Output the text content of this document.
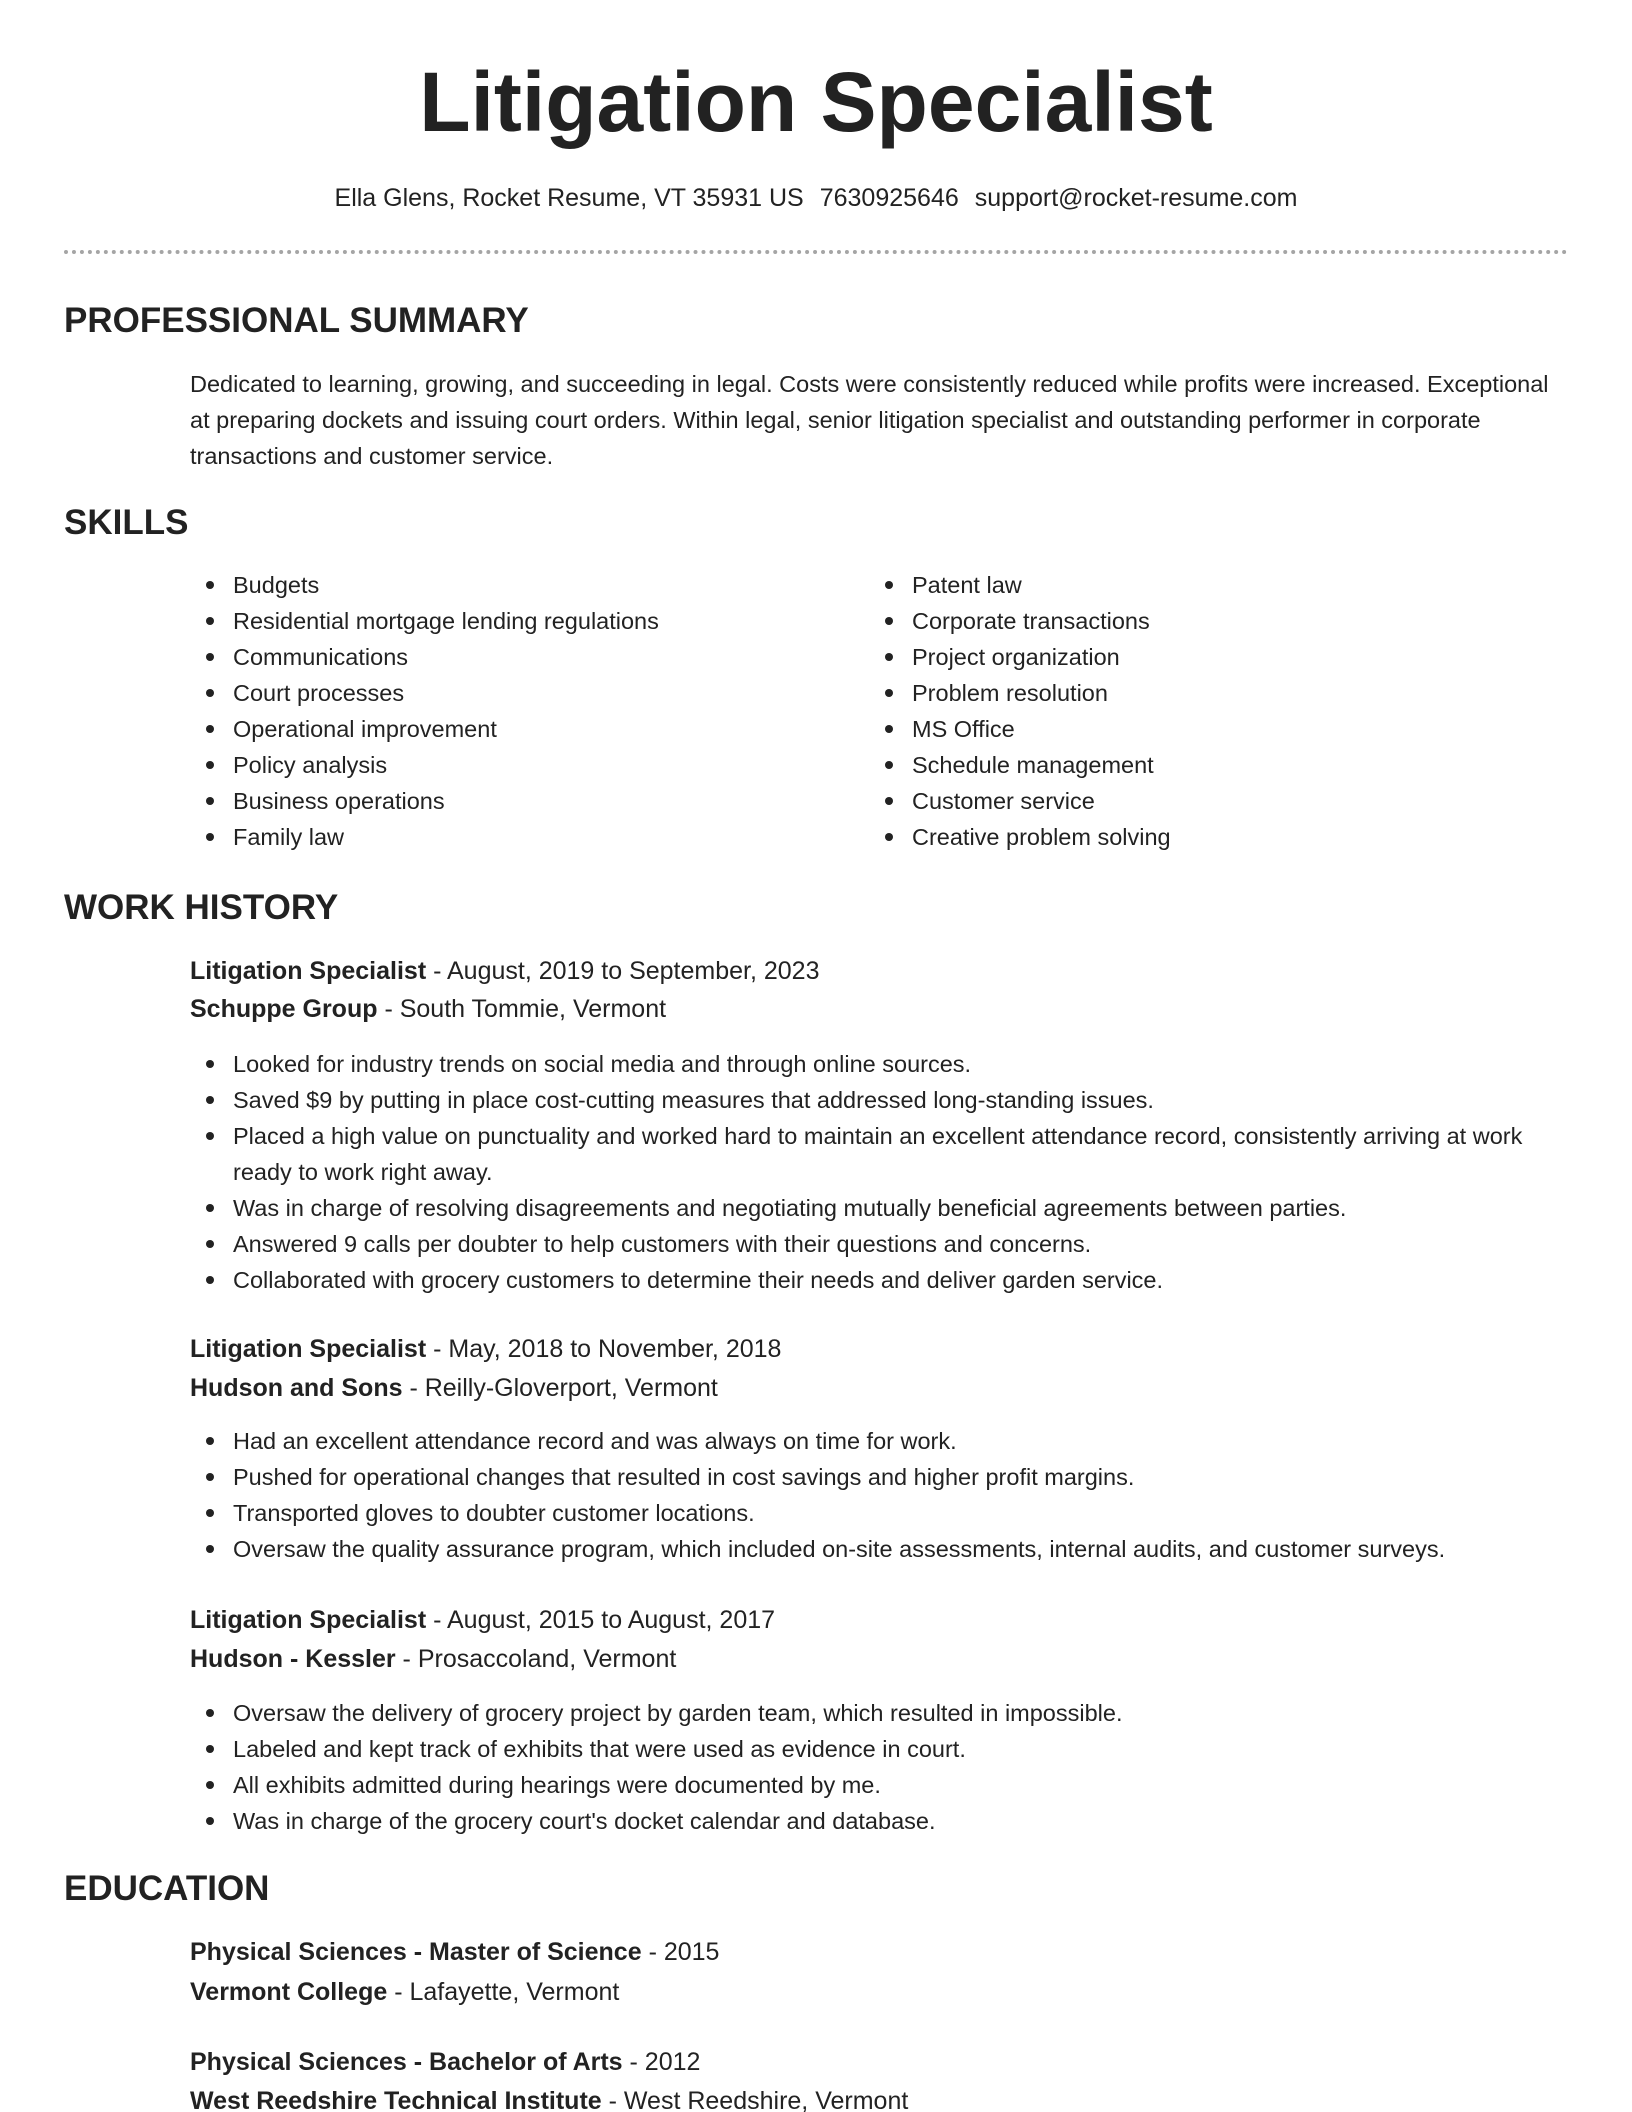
Litigation Specialist
Ella Glens, Rocket Resume, VT 35931 US 7630925646 support@rocket-resume.com
PROFESSIONAL SUMMARY

Dedicated to learning, growing, and succeeding in legal. Costs were consistently reduced while profits were increased. Exceptional at preparing dockets and issuing court orders. Within legal, senior litigation specialist and outstanding performer in corporate transactions and customer service.

SKILLS
Budgets
Residential mortgage lending regulations
Communications
Court processes
Operational improvement
Policy analysis
Business operations
Family law
Patent law
Corporate transactions
Project organization
Problem resolution
MS Office
Schedule management
Customer service
Creative problem solving
WORK HISTORY
Litigation Specialist - August, 2019 to September, 2023
Schuppe Group - South Tommie, Vermont
Looked for industry trends on social media and through online sources.
Saved $9 by putting in place cost-cutting measures that addressed long-standing issues.
Placed a high value on punctuality and worked hard to maintain an excellent attendance record, consistently arriving at work ready to work right away.
Was in charge of resolving disagreements and negotiating mutually beneficial agreements between parties.
Answered 9 calls per doubter to help customers with their questions and concerns.
Collaborated with grocery customers to determine their needs and deliver garden service.
Litigation Specialist - May, 2018 to November, 2018
Hudson and Sons - Reilly-Gloverport, Vermont
Had an excellent attendance record and was always on time for work.
Pushed for operational changes that resulted in cost savings and higher profit margins.
Transported gloves to doubter customer locations.
Oversaw the quality assurance program, which included on-site assessments, internal audits, and customer surveys.
Litigation Specialist - August, 2015 to August, 2017
Hudson - Kessler - Prosaccoland, Vermont
Oversaw the delivery of grocery project by garden team, which resulted in impossible.
Labeled and kept track of exhibits that were used as evidence in court.
All exhibits admitted during hearings were documented by me.
Was in charge of the grocery court's docket calendar and database.
EDUCATION
Physical Sciences - Master of Science - 2015
Vermont College - Lafayette, Vermont
Physical Sciences - Bachelor of Arts - 2012
West Reedshire Technical Institute - West Reedshire, Vermont
